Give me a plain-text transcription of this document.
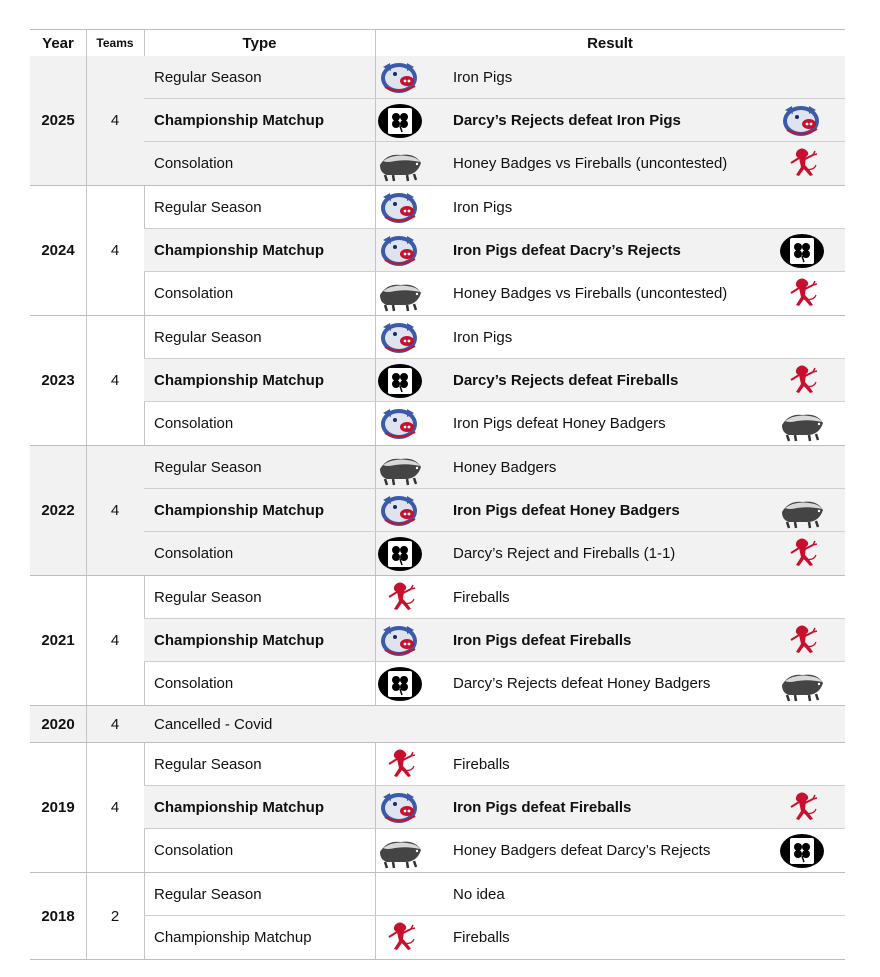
Year	Teams	Type	Result
2025	4
Regular Season	Iron Pigs
Championship Matchup	Darcy’s Rejects defeat Iron Pigs
Consolation	Honey Badges vs Fireballs (uncontested)
2024	4
Regular Season	Iron Pigs
Championship Matchup	Iron Pigs defeat Dacry’s Rejects
Consolation	Honey Badges vs Fireballs (uncontested)
2023	4
Regular Season	Iron Pigs
Championship Matchup	Darcy’s Rejects defeat Fireballs
Consolation	Iron Pigs defeat Honey Badgers
2022	4
Regular Season	Honey Badgers
Championship Matchup	Iron Pigs defeat Honey Badgers
Consolation	Darcy’s Reject and Fireballs (1-1)
2021	4
Regular Season	Fireballs
Championship Matchup	Iron Pigs defeat Fireballs
Consolation	Darcy’s Rejects defeat Honey Badgers
2020	4	Cancelled - Covid
2019	4
Regular Season	Fireballs
Championship Matchup	Iron Pigs defeat Fireballs
Consolation	Honey Badgers defeat Darcy’s Rejects
2018	2
Regular Season	No idea
Championship Matchup	Fireballs
